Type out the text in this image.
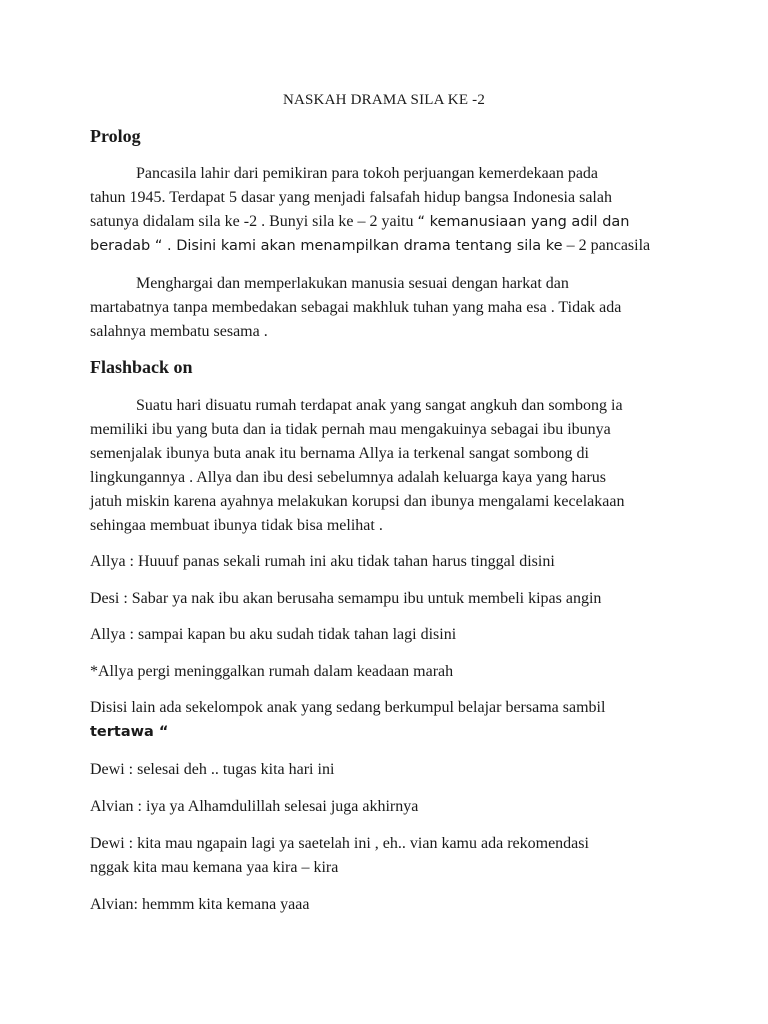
NASKAH DRAMA SILA KE -2
Prolog
Pancasila lahir dari pemikiran para tokoh perjuangan kemerdekaan pada
tahun 1945. Terdapat 5 dasar yang menjadi falsafah hidup bangsa Indonesia salah
satunya didalam sila ke -2 . Bunyi sila ke – 2 yaitu “ kemanusiaan yang adil dan
beradab “ . Disini kami akan menampilkan drama tentang sila ke – 2 pancasila
Menghargai dan memperlakukan manusia sesuai dengan harkat dan
martabatnya tanpa membedakan sebagai makhluk tuhan yang maha esa . Tidak ada
salahnya membatu sesama .
Flashback on
Suatu hari disuatu rumah terdapat anak yang sangat angkuh dan sombong ia
memiliki ibu yang buta dan ia tidak pernah mau mengakuinya sebagai ibu ibunya
semenjalak ibunya buta anak itu bernama Allya ia terkenal sangat sombong di
lingkungannya . Allya dan ibu desi sebelumnya adalah keluarga kaya yang harus
jatuh miskin karena ayahnya melakukan korupsi dan ibunya mengalami kecelakaan
sehingaa membuat ibunya tidak bisa melihat .
Allya : Huuuf panas sekali rumah ini aku tidak tahan harus tinggal disini
Desi : Sabar ya nak ibu akan berusaha semampu ibu untuk membeli kipas angin
Allya : sampai kapan bu aku sudah tidak tahan lagi disini
*Allya pergi meninggalkan rumah dalam keadaan marah
Disisi lain ada sekelompok anak yang sedang berkumpul belajar bersama sambil
tertawa “
Dewi : selesai deh .. tugas kita hari ini
Alvian : iya ya Alhamdulillah selesai juga akhirnya
Dewi : kita mau ngapain lagi ya saetelah ini , eh.. vian kamu ada rekomendasi
nggak kita mau kemana yaa kira – kira
Alvian: hemmm kita kemana yaaa
